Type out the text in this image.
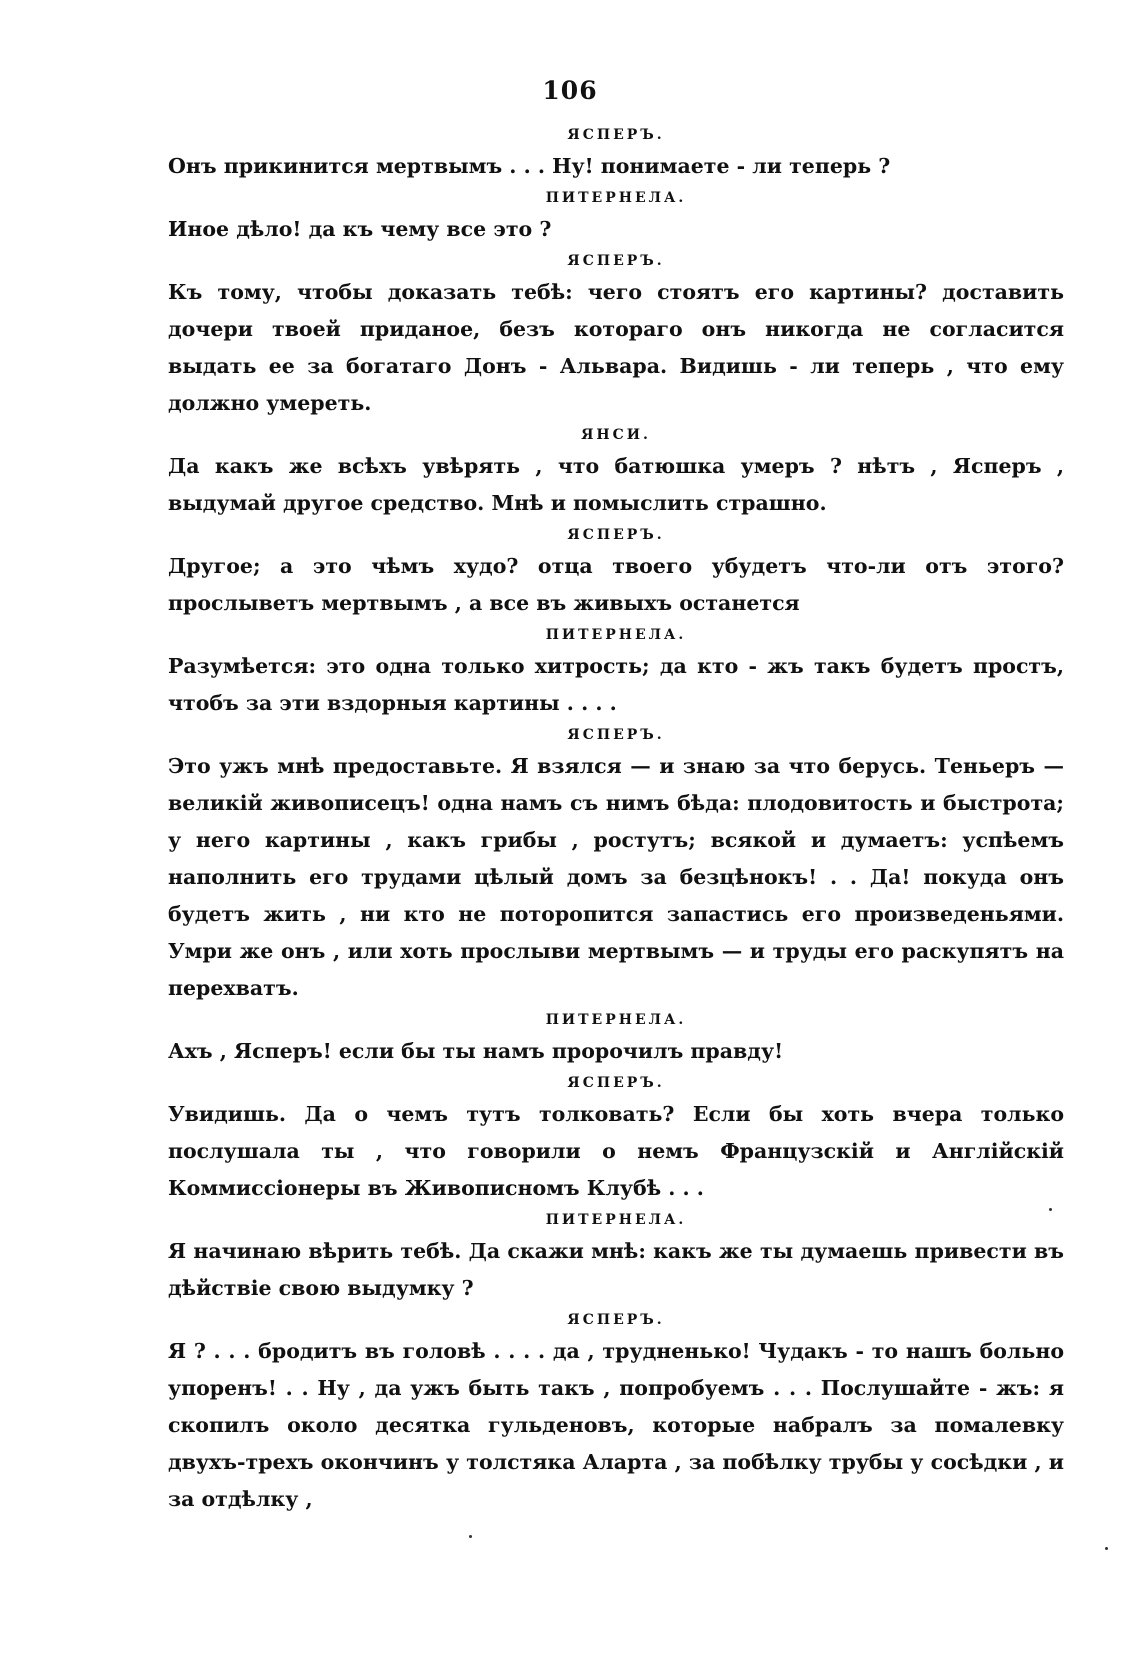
106
ЯСПЕРЪ.
Онъ прикинится мертвымъ . . . Ну! понимаете - ли теперь ?
ПИТЕРНЕЛА.
Иное дѣло! да къ чему все это ?
ЯСПЕРЪ.
Къ тому, чтобы доказать тебѣ: чего стоятъ его картины? доставить дочери твоей приданое, безъ котораго онъ никогда не согласится выдать ее за богатаго Донъ - Альвара. Видишь - ли теперь , что ему должно умереть.
ЯНСИ.
Да какъ же всѣхъ увѣрять , что батюшка умеръ ? нѣтъ , Ясперъ , выдумай другое средство. Мнѣ и помыслить страшно.
ЯСПЕРЪ.
Другое; а это чѣмъ худо? отца твоего убудетъ что-ли отъ этого? прослыветъ мертвымъ , а все въ живыхъ останется
ПИТЕРНЕЛА.
Разумѣется: это одна только хитрость; да кто - жъ такъ будетъ простъ, чтобъ за эти вздорныя картины . . . .
ЯСПЕРЪ.
Это ужъ мнѣ предоставьте. Я взялся — и знаю за что берусь. Теньеръ — великій живописецъ! одна намъ съ нимъ бѣда: плодовитость и быстрота; у него картины , какъ грибы , ростутъ; всякой и думаетъ: успѣемъ наполнить его трудами цѣлый домъ за безцѣнокъ! . . Да! покуда онъ будетъ жить , ни кто не поторопится запастись его произведеньями. Умри же онъ , или хоть прослыви мертвымъ — и труды его раскупятъ на перехватъ.
ПИТЕРНЕЛА.
Ахъ , Ясперъ! если бы ты намъ пророчилъ правду!
ЯСПЕРЪ.
Увидишь. Да о чемъ тутъ толковать? Если бы хоть вчера только послушала ты , что говорили о немъ Французскій и Англійскій Коммиссіонеры въ Живописномъ Клубѣ . . .
ПИТЕРНЕЛА.
Я начинаю вѣрить тебѣ. Да скажи мнѣ: какъ же ты думаешь привести въ дѣйствіе свою выдумку ?
ЯСПЕРЪ.
Я ? . . . бродитъ въ головѣ . . . . да , трудненько! Чудакъ - то нашъ больно упоренъ! . . Ну , да ужъ быть такъ , попробуемъ . . . Послушайте - жъ: я скопилъ около десятка гульденовъ, которые набралъ за помалевку двухъ-трехъ окончинъ у толстяка Аларта , за побѣлку трубы у сосѣдки , и за отдѣлку ,
